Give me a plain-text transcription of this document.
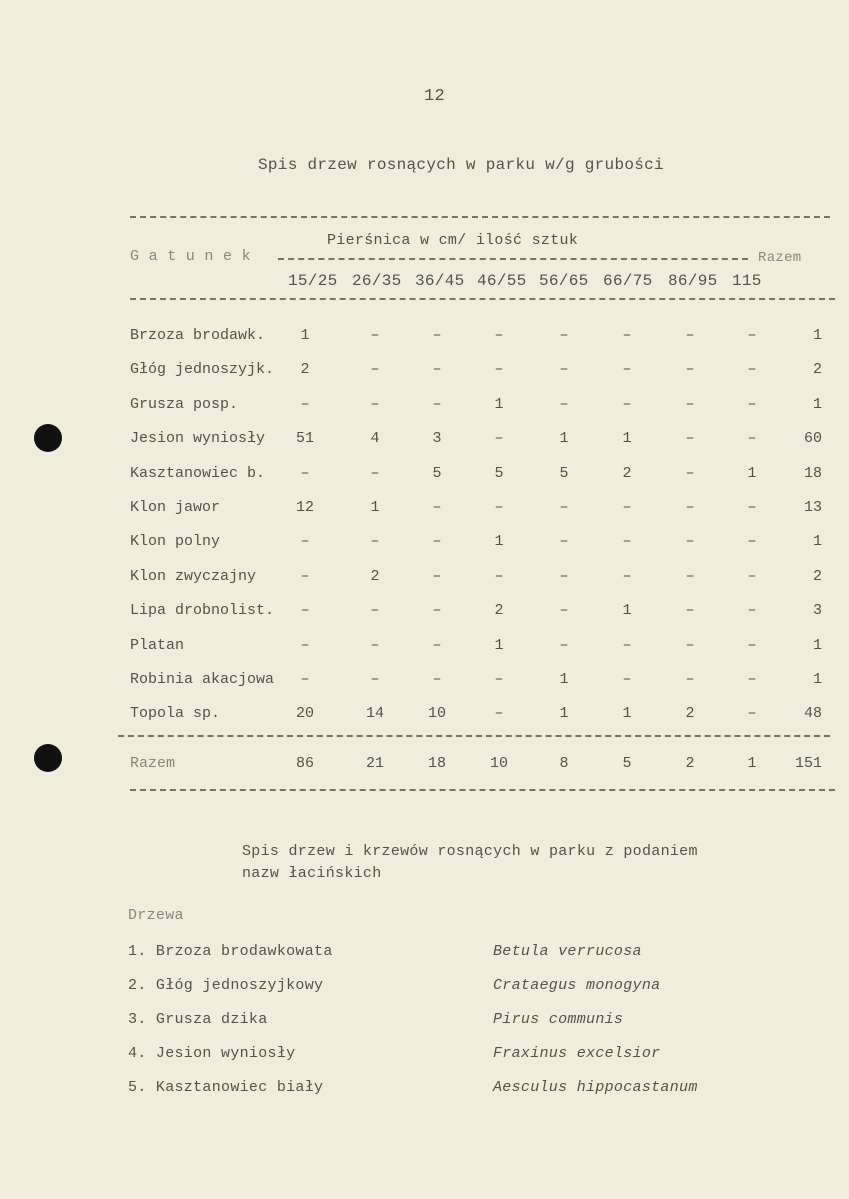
12
Spis drzew rosnących w parku w/g grubości
G a t u n e k
Pierśnica w cm/ ilość sztuk
Razem
15/25 26/35 36/45 46/55 56/65 66/75 86/95 115
Brzoza brodawk.	1	–	–	–	–	–	–	–	1
Głóg jednoszyjk.	2	–	–	–	–	–	–	–	2
Grusza posp.	–	–	–	1	–	–	–	–	1
Jesion wyniosły	51	4	3	–	1	1	–	–	60
Kasztanowiec b.	–	–	5	5	5	2	–	1	18
Klon jawor	12	1	–	–	–	–	–	–	13
Klon polny	–	–	–	1	–	–	–	–	1
Klon zwyczajny	–	2	–	–	–	–	–	–	2
Lipa drobnolist.	–	–	–	2	–	1	–	–	3
Platan	–	–	–	1	–	–	–	–	1
Robinia akacjowa	–	–	–	–	1	–	–	–	1
Topola sp.	20	14	10	–	1	1	2	–	48
Razem	86	21	18	10	8	5	2	1	151
Spis drzew i krzewów rosnących w parku z podaniem
nazw łacińskich
Drzewa
1. Brzoza brodawkowata	Betula verrucosa
2. Głóg jednoszyjkowy	Crataegus monogyna
3. Grusza dzika	Pirus communis
4. Jesion wyniosły	Fraxinus excelsior
5. Kasztanowiec biały	Aesculus hippocastanum
